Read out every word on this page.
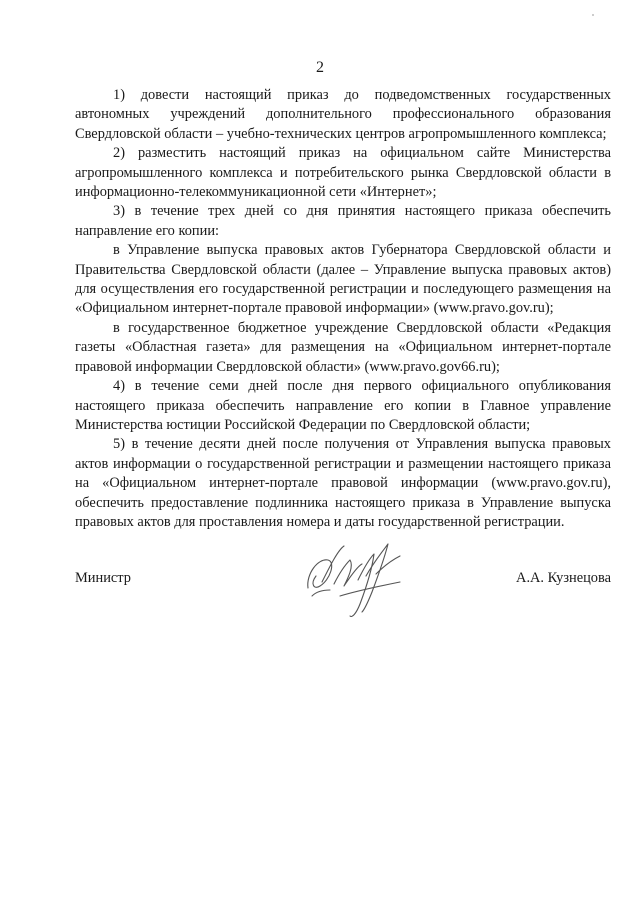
2

1) довести настоящий приказ до подведомственных государственных автономных учреждений дополнительного профессионального образования Свердловской области – учебно-технических центров агропромышленного комплекса;

2) разместить настоящий приказ на официальном сайте Министерства агропромышленного комплекса и потребительского рынка Свердловской области в информационно-телекоммуникационной сети «Интернет»;

3) в течение трех дней со дня принятия настоящего приказа обеспечить направление его копии:

в Управление выпуска правовых актов Губернатора Свердловской области и Правительства Свердловской области (далее – Управление выпуска правовых актов) для осуществления его государственной регистрации и последующего размещения на «Официальном интернет-портале правовой информации» (www.pravo.gov.ru);

в государственное бюджетное учреждение Свердловской области «Редакция газеты «Областная газета» для размещения на «Официальном интернет-портале правовой информации Свердловской области» (www.pravo.gov66.ru);

4) в течение семи дней после дня первого официального опубликования настоящего приказа обеспечить направление его копии в Главное управление Министерства юстиции Российской Федерации по Свердловской области;

5) в течение десяти дней после получения от Управления выпуска правовых актов информации о государственной регистрации и размещении настоящего приказа на «Официальном интернет-портале правовой информации (www.pravo.gov.ru), обеспечить предоставление подлинника настоящего приказа в Управление выпуска правовых актов для проставления номера и даты государственной регистрации.

Министр	А.А. Кузнецова
